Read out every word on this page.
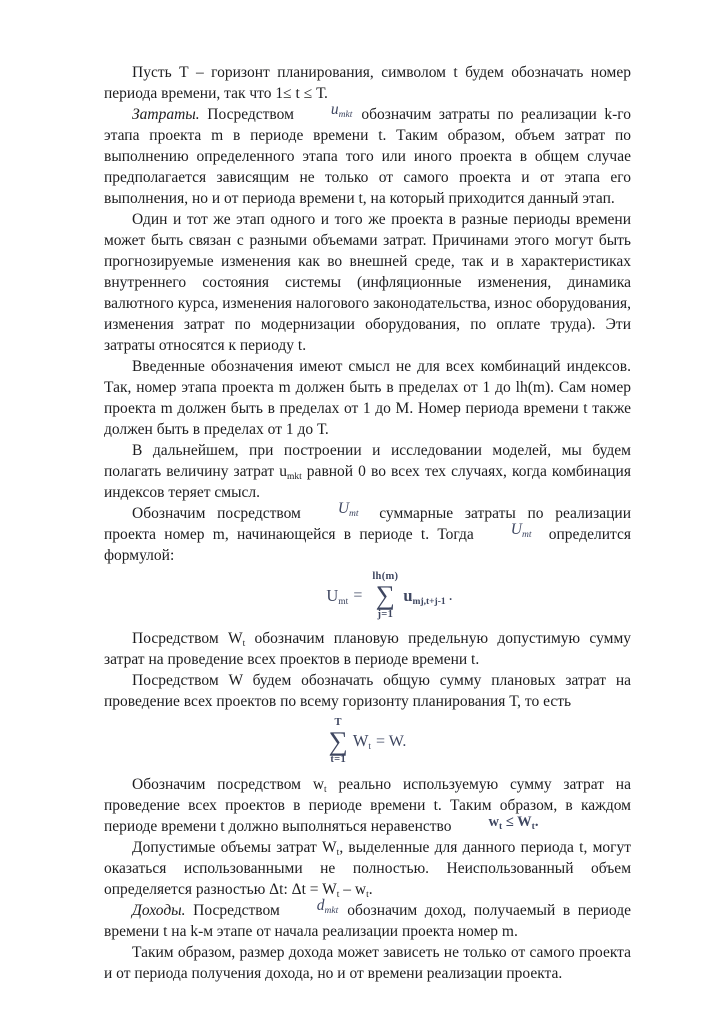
Пусть Т – горизонт планирования, символом t будем обозначать номер периода времени, так что 1≤ t ≤ Т.

Затраты. Посредством $u_{mkt}$ обозначим затраты по реализации k-го этапа проекта m в периоде времени t. Таким образом, объем затрат по выполнению определенного этапа того или иного проекта в общем случае предполагается зависящим не только от самого проекта и от этапа его выполнения, но и от периода времени t, на который приходится данный этап.

Один и тот же этап одного и того же проекта в разные периоды времени может быть связан с разными объемами затрат. Причинами этого могут быть прогнозируемые изменения как во внешней среде, так и в характеристиках внутреннего состояния системы (инфляционные изменения, динамика валютного курса, изменения налогового законодательства, износ оборудования, изменения затрат по модернизации оборудования, по оплате труда). Эти затраты относятся к периоду t.

Введенные обозначения имеют смысл не для всех комбинаций индексов. Так, номер этапа проекта m должен быть в пределах от 1 до lh(m). Сам номер проекта m должен быть в пределах от 1 до М. Номер периода времени t также должен быть в пределах от 1 до Т.

В дальнейшем, при построении и исследовании моделей, мы будем полагать величину затрат $u_{mkt}$ равной 0 во всех тех случаях, когда комбинация индексов теряет смысл.

Обозначим посредством $U_{mt}$ суммарные затраты по реализации проекта номер m, начинающейся в периоде t. Тогда $U_{mt}$ определится формулой:

$U_{mt}$ =
lh(m)
∑
j=1
$u_{mj,t+j-1}$ .

Посредством $W_t$ обозначим плановую предельную допустимую сумму затрат на проведение всех проектов в периоде времени t.

Посредством W будем обозначать общую сумму плановых затрат на проведение всех проектов по всему горизонту планирования Т, то есть

T
∑
t=1
$W_t = W$.

Обозначим посредством $w_t$ реально используемую сумму затрат на проведение всех проектов в периоде времени t. Таким образом, в каждом периоде времени t должно выполняться неравенство	$w_t \le W_t$.

Допустимые объемы затрат $W_t$, выделенные для данного периода t, могут оказаться использованными не полностью. Неиспользованный объем определяется разностью Δt: $\Delta t = W_t - w_t$.

Доходы. Посредством $d_{mkt}$ обозначим доход, получаемый в периоде времени t на k-м этапе от начала реализации проекта номер m.

Таким образом, размер дохода может зависеть не только от самого проекта и от периода получения дохода, но и от времени реализации проекта.
